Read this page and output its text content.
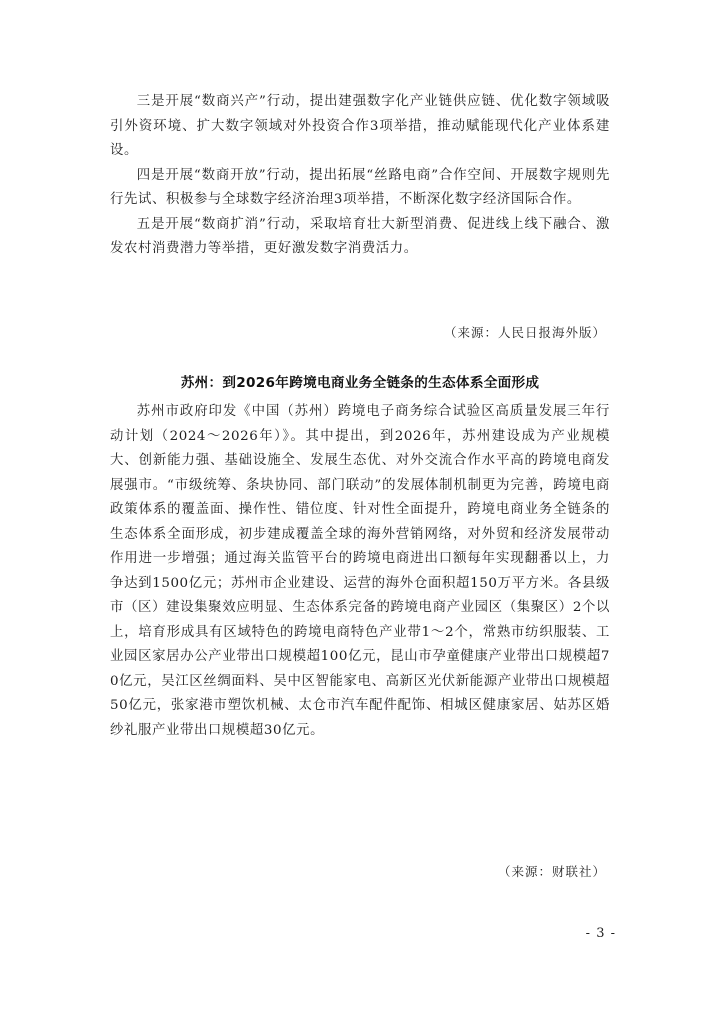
三是开展“数商兴产”行动，提出建强数字化产业链供应链、优化数字领域吸引外资环境、扩大数字领域对外投资合作3项举措，推动赋能现代化产业体系建设。

四是开展“数商开放”行动，提出拓展“丝路电商”合作空间、开展数字规则先行先试、积极参与全球数字经济治理3项举措，不断深化数字经济国际合作。

五是开展“数商扩消”行动，采取培育壮大新型消费、促进线上线下融合、激发农村消费潜力等举措，更好激发数字消费活力。

（来源：人民日报海外版）

苏州：到2026年跨境电商业务全链条的生态体系全面形成

苏州市政府印发《中国（苏州）跨境电子商务综合试验区高质量发展三年行动计划（2024～2026年）》。其中提出，到2026年，苏州建设成为产业规模大、创新能力强、基础设施全、发展生态优、对外交流合作水平高的跨境电商发展强市。“市级统筹、条块协同、部门联动”的发展体制机制更为完善，跨境电商政策体系的覆盖面、操作性、错位度、针对性全面提升，跨境电商业务全链条的生态体系全面形成，初步建成覆盖全球的海外营销网络，对外贸和经济发展带动作用进一步增强；通过海关监管平台的跨境电商进出口额每年实现翻番以上，力争达到1500亿元；苏州市企业建设、运营的海外仓面积超150万平方米。各县级市（区）建设集聚效应明显、生态体系完备的跨境电商产业园区（集聚区）2个以上，培育形成具有区域特色的跨境电商特色产业带1～2个，常熟市纺织服装、工业园区家居办公产业带出口规模超100亿元，昆山市孕童健康产业带出口规模超70亿元，吴江区丝绸面料、吴中区智能家电、高新区光伏新能源产业带出口规模超50亿元，张家港市塑饮机械、太仓市汽车配件配饰、相城区健康家居、姑苏区婚纱礼服产业带出口规模超30亿元。

（来源：财联社）

- 3 -
